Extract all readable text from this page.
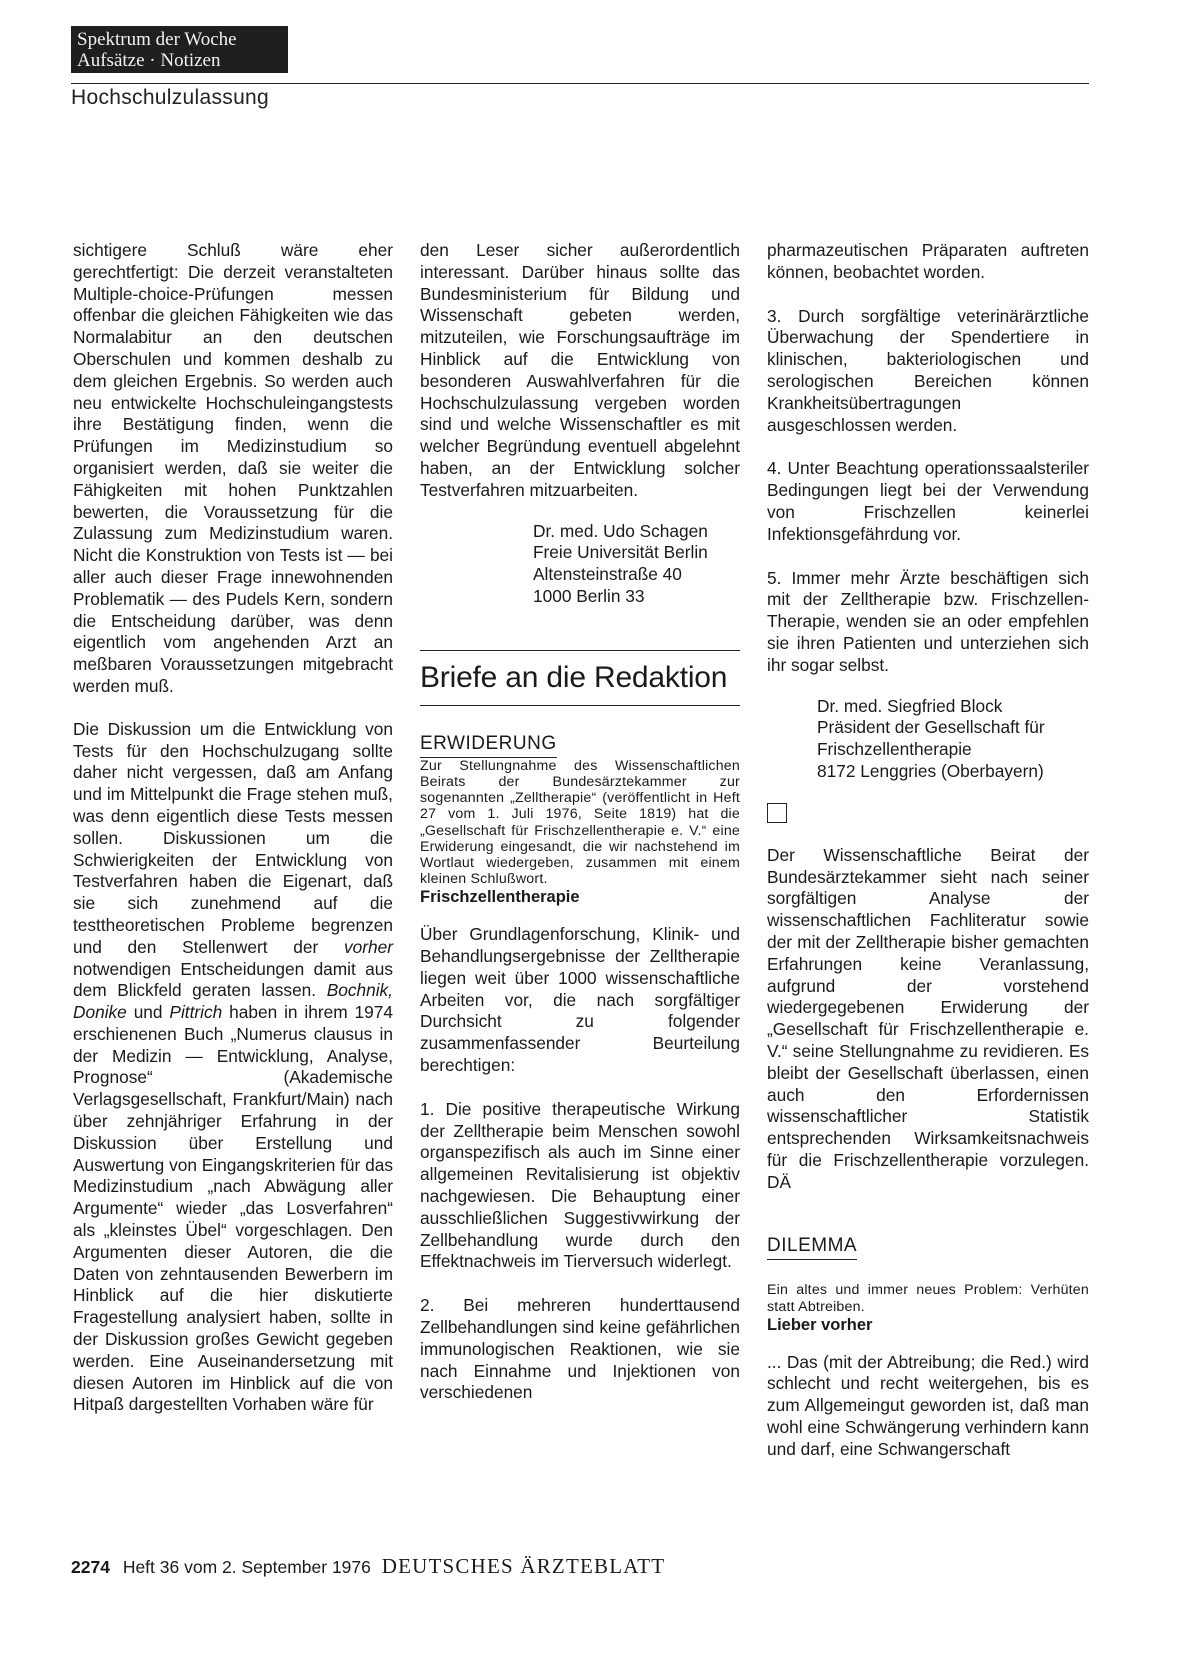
Spektrum der Woche
Aufsätze · Notizen
Hochschulzulassung

sichtigere Schluß wäre eher gerechtfertigt: Die derzeit veranstalteten Multiple-choice-Prüfungen messen offenbar die gleichen Fähigkeiten wie das Normalabitur an den deutschen Oberschulen und kommen deshalb zu dem gleichen Ergebnis. So werden auch neu entwickelte Hochschuleingangstests ihre Bestätigung finden, wenn die Prüfungen im Medizinstudium so organisiert werden, daß sie weiter die Fähigkeiten mit hohen Punktzahlen bewerten, die Voraussetzung für die Zulassung zum Medizinstudium waren. Nicht die Konstruktion von Tests ist — bei aller auch dieser Frage innewohnenden Problematik — des Pudels Kern, sondern die Entscheidung darüber, was denn eigentlich vom angehenden Arzt an meßbaren Voraussetzungen mitgebracht werden muß.

Die Diskussion um die Entwicklung von Tests für den Hochschulzugang sollte daher nicht vergessen, daß am Anfang und im Mittelpunkt die Frage stehen muß, was denn eigentlich diese Tests messen sollen. Diskussionen um die Schwierigkeiten der Entwicklung von Testverfahren haben die Eigenart, daß sie sich zunehmend auf die testtheoretischen Probleme begrenzen und den Stellenwert der vorher notwendigen Entscheidungen damit aus dem Blickfeld geraten lassen. Bochnik, Donike und Pittrich haben in ihrem 1974 erschienenen Buch „Numerus clausus in der Medizin — Entwicklung, Analyse, Prognose“ (Akademische Verlagsgesellschaft, Frankfurt/Main) nach über zehnjähriger Erfahrung in der Diskussion über Erstellung und Auswertung von Eingangskriterien für das Medizinstudium „nach Abwägung aller Argumente“ wieder „das Losverfahren“ als „kleinstes Übel“ vorgeschlagen. Den Argumenten dieser Autoren, die die Daten von zehntausenden Bewerbern im Hinblick auf die hier diskutierte Fragestellung analysiert haben, sollte in der Diskussion großes Gewicht gegeben werden. Eine Auseinandersetzung mit diesen Autoren im Hinblick auf die von Hitpaß dargestellten Vorhaben wäre für

den Leser sicher außerordentlich interessant. Darüber hinaus sollte das Bundesministerium für Bildung und Wissenschaft gebeten werden, mitzuteilen, wie Forschungsaufträge im Hinblick auf die Entwicklung von besonderen Auswahlverfahren für die Hochschulzulassung vergeben worden sind und welche Wissenschaftler es mit welcher Begründung eventuell abgelehnt haben, an der Entwicklung solcher Testverfahren mitzuarbeiten.

Dr. med. Udo Schagen
Freie Universität Berlin
Altensteinstraße 40
1000 Berlin 33
Briefe an die Redaktion
ERWIDERUNG

Zur Stellungnahme des Wissenschaftlichen Beirats der Bundesärztekammer zur sogenannten „Zelltherapie“ (veröffentlicht in Heft 27 vom 1. Juli 1976, Seite 1819) hat die „Gesellschaft für Frischzellentherapie e. V.“ eine Erwiderung eingesandt, die wir nachstehend im Wortlaut wiedergeben, zusammen mit einem kleinen Schlußwort.

Frischzellentherapie

Über Grundlagenforschung, Klinik- und Behandlungsergebnisse der Zelltherapie liegen weit über 1000 wissenschaftliche Arbeiten vor, die nach sorgfältiger Durchsicht zu folgender zusammenfassender Beurteilung berechtigen:

1. Die positive therapeutische Wirkung der Zelltherapie beim Menschen sowohl organspezifisch als auch im Sinne einer allgemeinen Revitalisierung ist objektiv nachgewiesen. Die Behauptung einer ausschließlichen Suggestivwirkung der Zellbehandlung wurde durch den Effektnachweis im Tierversuch widerlegt.

2. Bei mehreren hunderttausend Zellbehandlungen sind keine gefährlichen immunologischen Reaktionen, wie sie nach Einnahme und Injektionen von verschiedenen

pharmazeutischen Präparaten auftreten können, beobachtet worden.

3. Durch sorgfältige veterinärärztliche Überwachung der Spendertiere in klinischen, bakteriologischen und serologischen Bereichen können Krankheitsübertragungen ausgeschlossen werden.

4. Unter Beachtung operationssaalsteriler Bedingungen liegt bei der Verwendung von Frischzellen keinerlei Infektionsgefährdung vor.

5. Immer mehr Ärzte beschäftigen sich mit der Zelltherapie bzw. Frischzellen-Therapie, wenden sie an oder empfehlen sie ihren Patienten und unterziehen sich ihr sogar selbst.

Dr. med. Siegfried Block
Präsident der Gesellschaft für
Frischzellentherapie
8172 Lenggries (Oberbayern)

Der Wissenschaftliche Beirat der Bundesärztekammer sieht nach seiner sorgfältigen Analyse der wissenschaftlichen Fachliteratur sowie der mit der Zelltherapie bisher gemachten Erfahrungen keine Veranlassung, aufgrund der vorstehend wiedergegebenen Erwiderung der „Gesellschaft für Frischzellentherapie e. V.“ seine Stellungnahme zu revidieren. Es bleibt der Gesellschaft überlassen, einen auch den Erfordernissen wissenschaftlicher Statistik entsprechenden Wirksamkeitsnachweis für die Frischzellentherapie vorzulegen. DÄ

DILEMMA

Ein altes und immer neues Problem: Verhüten statt Abtreiben.

Lieber vorher

... Das (mit der Abtreibung; die Red.) wird schlecht und recht weitergehen, bis es zum Allgemeingut geworden ist, daß man wohl eine Schwängerung verhindern kann und darf, eine Schwangerschaft

2274 Heft 36 vom 2. September 1976 DEUTSCHES ÄRZTEBLATT
